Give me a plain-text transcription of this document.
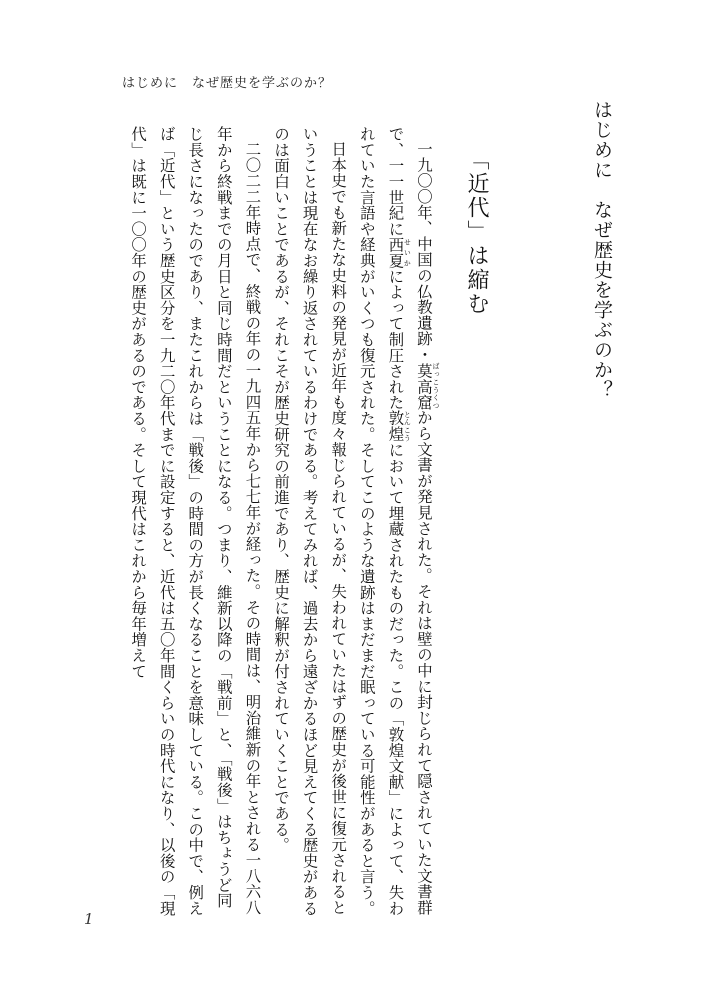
はじめに　なぜ歴史を学ぶのか？
はじめに　なぜ歴史を学ぶのか？
「近代」は縮む

一九〇〇年、中国の仏教遺跡・莫高窟 ばっこうくつから文書が発見された。それは壁の中に封じられて隠されていた文書群で、一一世紀に西夏 せいかによって制圧された敦煌 とんこうにおいて埋蔵されたものだった。この「敦煌文献」によって、失われていた言語や経典がいくつも復元された。そしてこのような遺跡はまだまだ眠っている可能性があると言う。

日本史でも新たな史料の発見が近年も度々報じられているが、失われていたはずの歴史が後世に復元されるということは現在なお繰り返されているわけである。考えてみれば、過去から遠ざかるほど見えてくる歴史があるのは面白いことであるが、それこそが歴史研究の前進であり、歴史に解釈が付されていくことである。

二〇二二年時点で、終戦の年の一九四五年から七七年が経った。その時間は、明治維新の年とされる一八六八年から終戦までの月日と同じ時間だということになる。つまり、維新以降の「戦前」と、「戦後」はちょうど同じ長さになったのであり、またこれからは「戦後」の時間の方が長くなることを意味している。この中で、例えば「近代」という歴史区分を一九二〇年代までに設定すると、近代は五〇年間くらいの時代になり、以後の「現代」は既に一〇〇年の歴史があるのである。そして現代はこれから毎年増えて

1
